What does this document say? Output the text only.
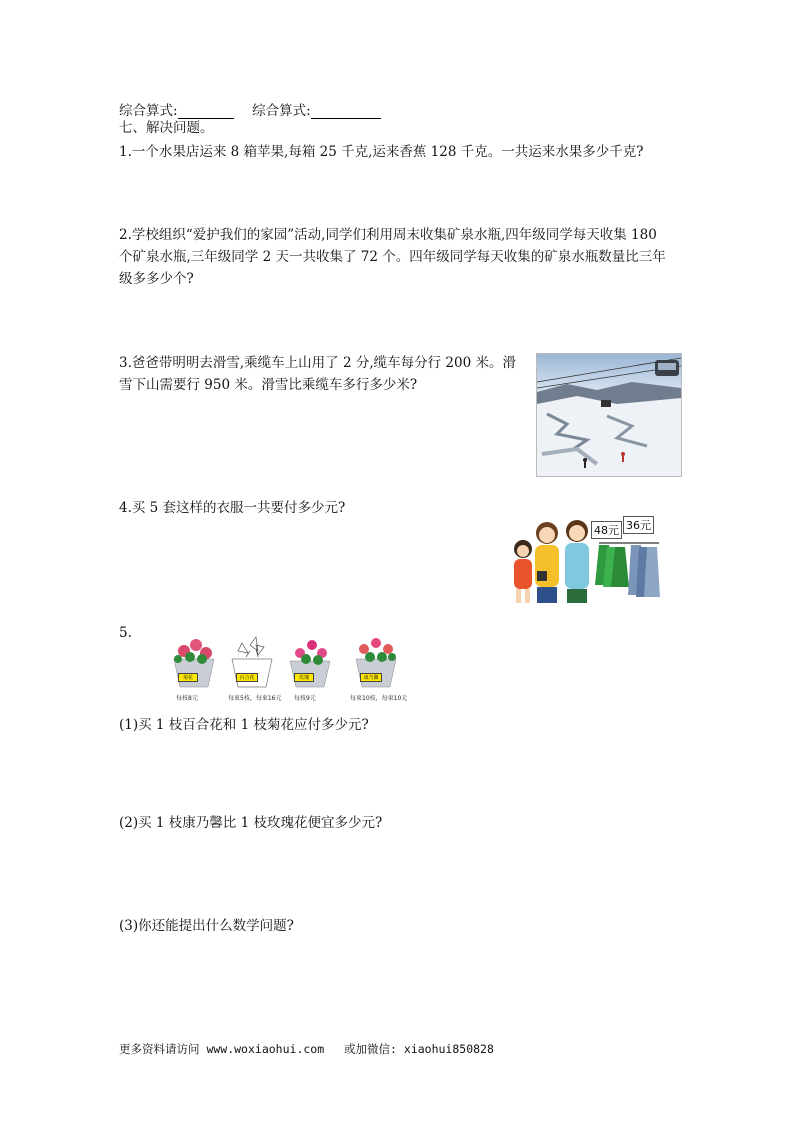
综合算式:	综合算式:
七、解决问题。
1.一个水果店运来 8 箱苹果,每箱 25 千克,运来香蕉 128 千克。一共运来水果多少千克?
2.学校组织“爱护我们的家园”活动,同学们利用周末收集矿泉水瓶,四年级同学每天收集 180
个矿泉水瓶,三年级同学 2 天一共收集了 72 个。四年级同学每天收集的矿泉水瓶数量比三年
级多多少个?
3.爸爸带明明去滑雪,乘缆车上山用了 2 分,缆车每分行 200 米。滑
雪下山需要行 950 米。滑雪比乘缆车多行多少米?
4.买 5 套这样的衣服一共要付多少元?
48元 36元
5.
菊花	百合花	玫瑰	康乃馨
每枝8元	每束5枝，每束16元 每枝9元	每束10枝，每束10元
(1)买 1 枝百合花和 1 枝菊花应付多少元?
(2)买 1 枝康乃馨比 1 枝玫瑰花便宜多少元?
(3)你还能提出什么数学问题?
更多资料请访问 www.woxiaohui.com 或加微信: xiaohui850828
